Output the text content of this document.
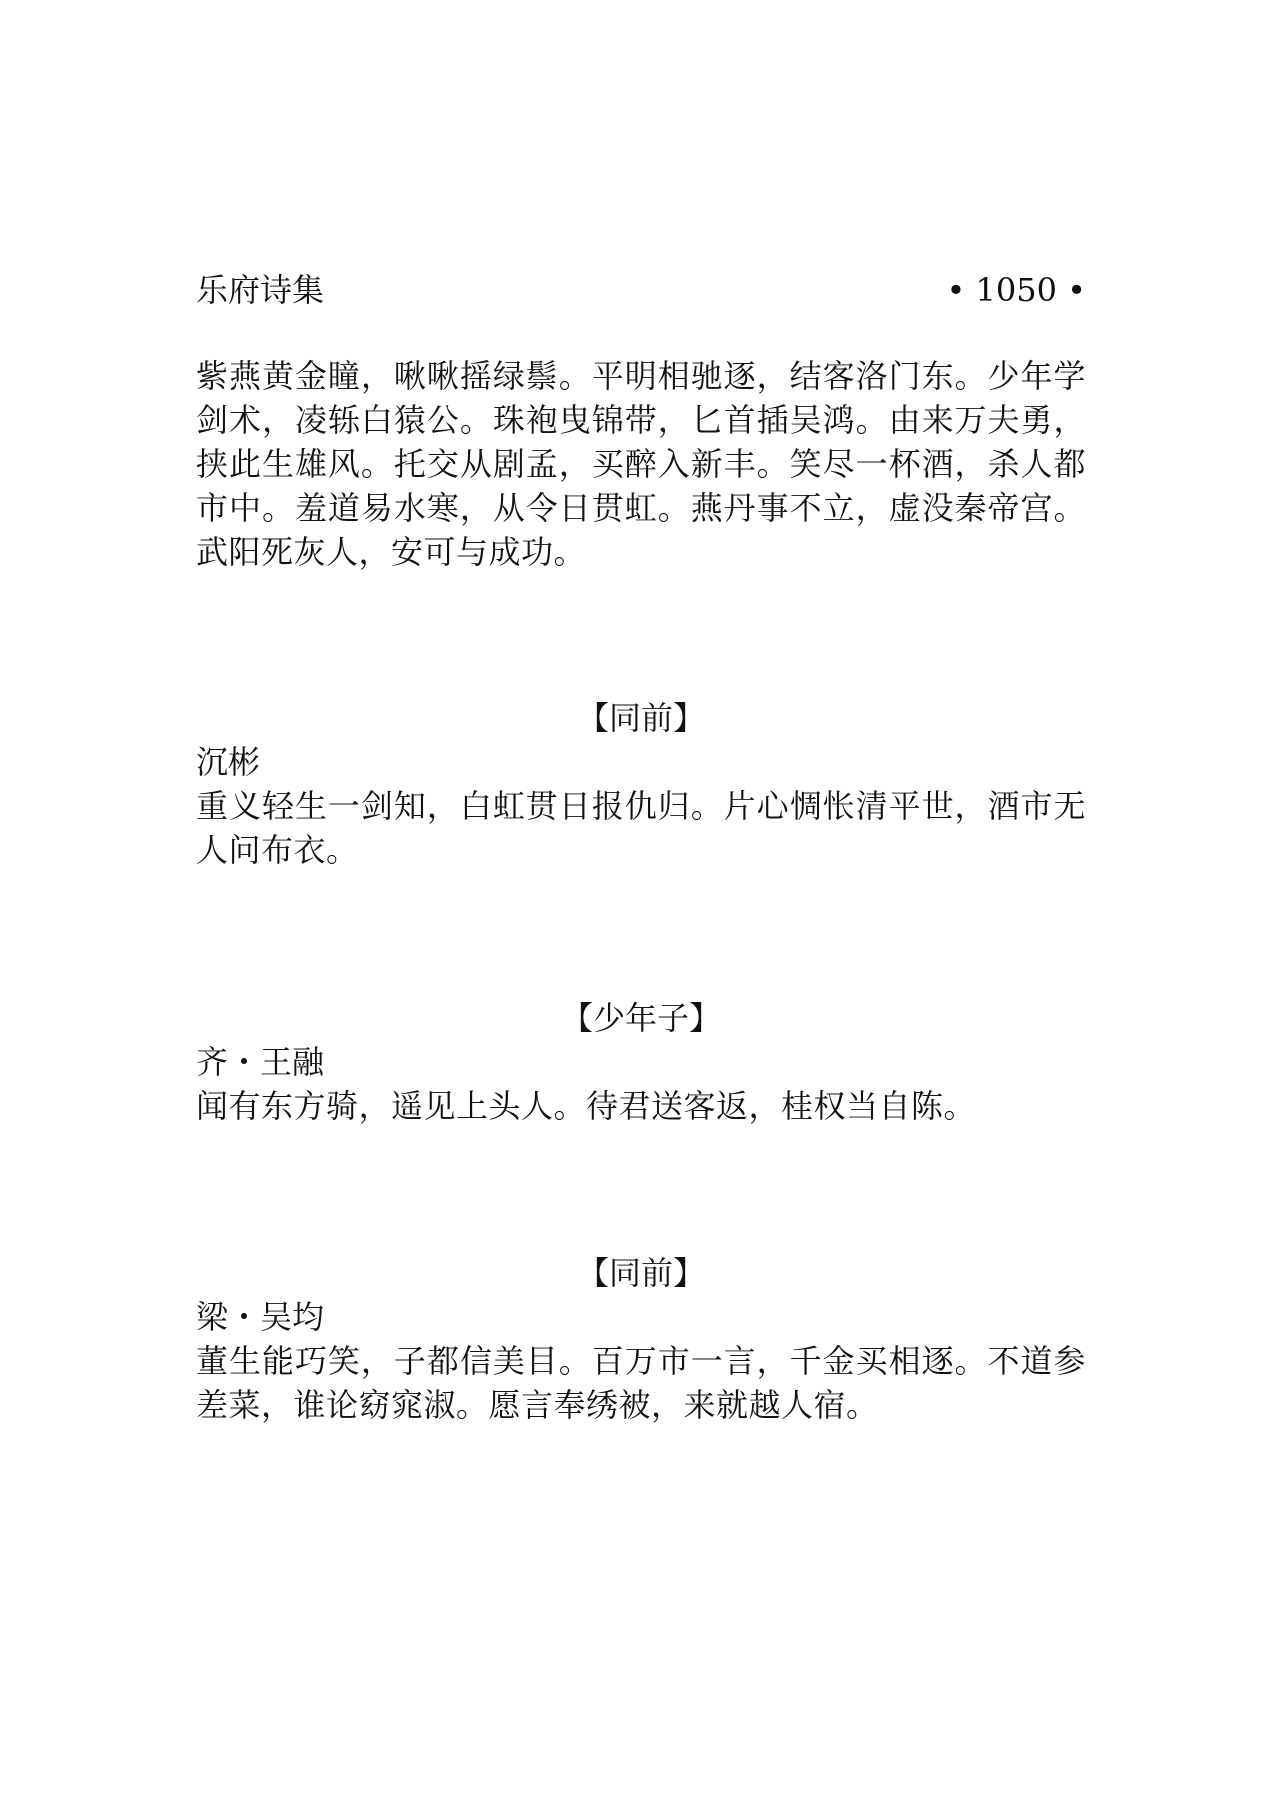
乐府诗集	• 1050 •
紫燕黄金瞳，啾啾摇绿鬃。平明相驰逐，结客洛门东。少年学剑术，凌轹白猿公。珠袍曳锦带，匕首插吴鸿。由来万夫勇，挟此生雄风。托交从剧孟，买醉入新丰。笑尽一杯酒，杀人都市中。羞道易水寒，从令日贯虹。燕丹事不立，虚没秦帝宫。武阳死灰人，安可与成功。
【同前】
沉彬
重义轻生一剑知，白虹贯日报仇归。片心惆怅清平世，酒市无人问布衣。
【少年子】
齐・王融
闻有东方骑，遥见上头人。待君送客返，桂权当自陈。
【同前】
梁・吴均
董生能巧笑，子都信美目。百万市一言，千金买相逐。不道参差菜，谁论窈窕淑。愿言奉绣被，来就越人宿。
